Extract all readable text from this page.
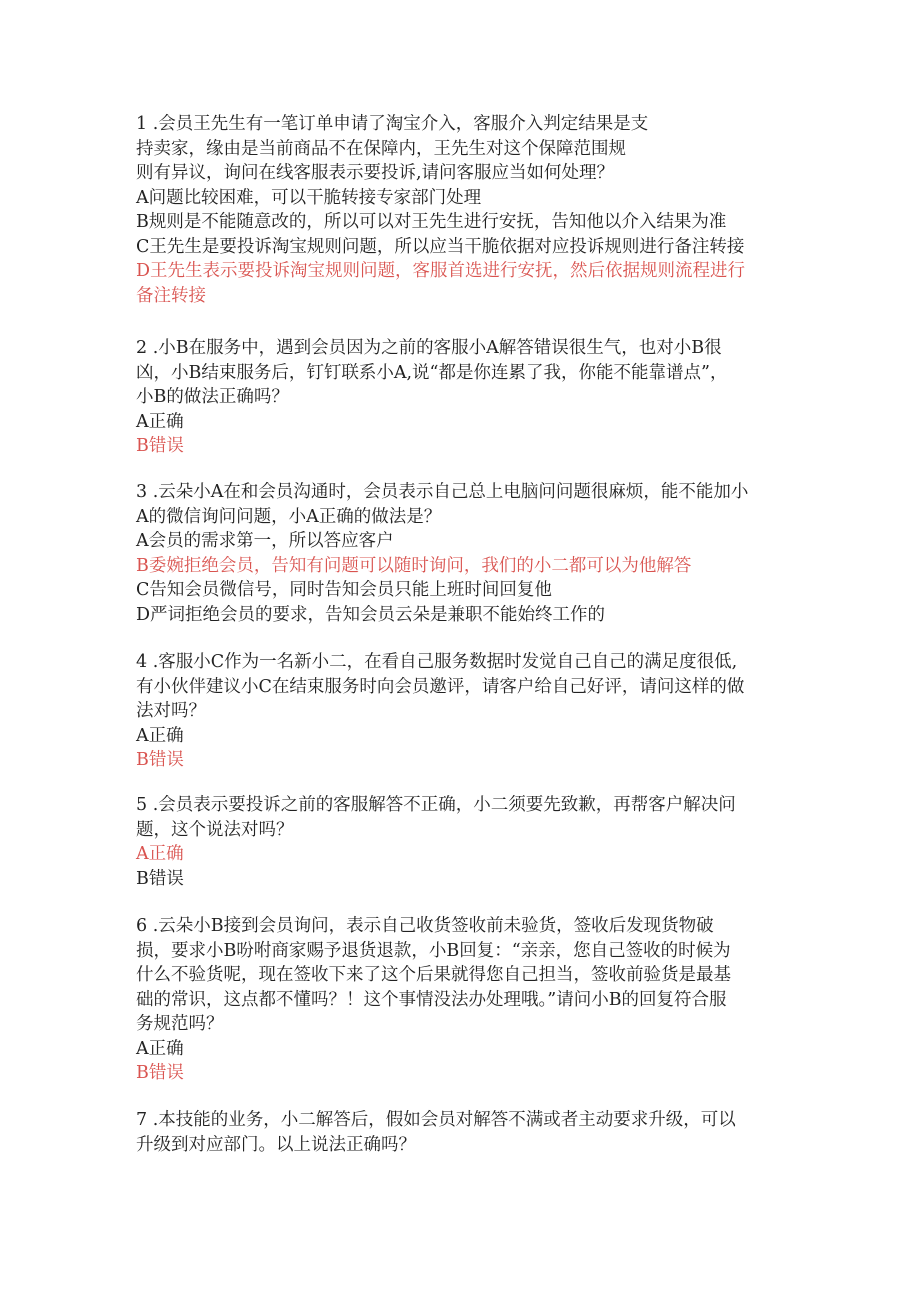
1 .会员王先生有一笔订单申请了淘宝介入，客服介入判定结果是支
持卖家，缘由是当前商品不在保障内，王先生对这个保障范围规
则有异议，询问在线客服表示要投诉,请问客服应当如何处理？
A问题比较困难，可以干脆转接专家部门处理
B规则是不能随意改的，所以可以对王先生进行安抚，告知他以介入结果为准
C王先生是要投诉淘宝规则问题，所以应当干脆依据对应投诉规则进行备注转接
D王先生表示要投诉淘宝规则问题，客服首选进行安抚，然后依据规则流程进行
备注转接
2 .小B在服务中，遇到会员因为之前的客服小A解答错误很生气，也对小B很
凶，小B结束服务后，钉钉联系小A,说“都是你连累了我，你能不能靠谱点”，
小B的做法正确吗？
A正确
B错误
3 .云朵小A在和会员沟通时，会员表示自己总上电脑问问题很麻烦，能不能加小
A的微信询问问题，小A正确的做法是？
A会员的需求第一，所以答应客户
B委婉拒绝会员，告知有问题可以随时询问，我们的小二都可以为他解答
C告知会员微信号，同时告知会员只能上班时间回复他
D严词拒绝会员的要求，告知会员云朵是兼职不能始终工作的
4 .客服小C作为一名新小二，在看自己服务数据时发觉自己自己的满足度很低,
有小伙伴建议小C在结束服务时向会员邀评，请客户给自己好评，请问这样的做
法对吗？
A正确
B错误
5 .会员表示要投诉之前的客服解答不正确，小二须要先致歉，再帮客户解决问
题，这个说法对吗？
A正确
B错误
6 .云朵小B接到会员询问，表示自己收货签收前未验货，签收后发现货物破
损，要求小B吩咐商家赐予退货退款，小B回复：“亲亲，您自己签收的时候为
什么不验货呢，现在签收下来了这个后果就得您自己担当，签收前验货是最基
础的常识，这点都不懂吗？！这个事情没法办处理哦。”请问小B的回复符合服
务规范吗？
A正确
B错误
7 .本技能的业务，小二解答后，假如会员对解答不满或者主动要求升级，可以
升级到对应部门。以上说法正确吗？
